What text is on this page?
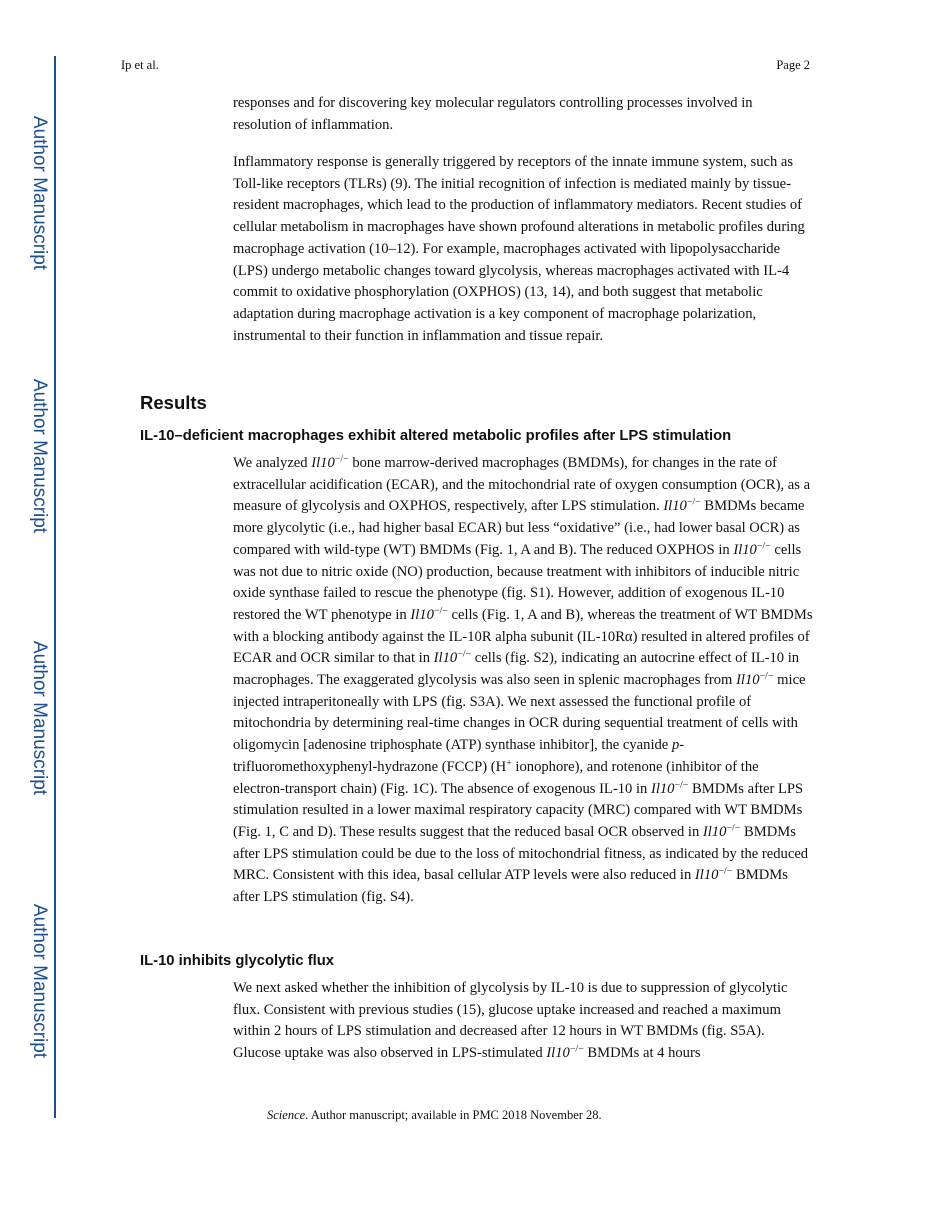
Author Manuscript
Author Manuscript
Author Manuscript
Author Manuscript
Ip et al.	Page 2

responses and for discovering key molecular regulators controlling processes involved in resolution of inflammation.

Inflammatory response is generally triggered by receptors of the innate immune system, such as Toll-like receptors (TLRs) (9). The initial recognition of infection is mediated mainly by tissue-resident macrophages, which lead to the production of inflammatory mediators. Recent studies of cellular metabolism in macrophages have shown profound alterations in metabolic profiles during macrophage activation (10–12). For example, macrophages activated with lipopolysaccharide (LPS) undergo metabolic changes toward glycolysis, whereas macrophages activated with IL-4 commit to oxidative phosphorylation (OXPHOS) (13, 14), and both suggest that metabolic adaptation during macrophage activation is a key component of macrophage polarization, instrumental to their function in inflammation and tissue repair.

Results
IL-10–deficient macrophages exhibit altered metabolic profiles after LPS stimulation

We analyzed Il10−/− bone marrow-derived macrophages (BMDMs), for changes in the rate of extracellular acidification (ECAR), and the mitochondrial rate of oxygen consumption (OCR), as a measure of glycolysis and OXPHOS, respectively, after LPS stimulation. Il10−/− BMDMs became more glycolytic (i.e., had higher basal ECAR) but less “oxidative” (i.e., had lower basal OCR) as compared with wild-type (WT) BMDMs (Fig. 1, A and B). The reduced OXPHOS in Il10−/− cells was not due to nitric oxide (NO) production, because treatment with inhibitors of inducible nitric oxide synthase failed to rescue the phenotype (fig. S1). However, addition of exogenous IL-10 restored the WT phenotype in Il10−/− cells (Fig. 1, A and B), whereas the treatment of WT BMDMs with a blocking antibody against the IL-10R alpha subunit (IL-10Rα) resulted in altered profiles of ECAR and OCR similar to that in Il10−/− cells (fig. S2), indicating an autocrine effect of IL-10 in macrophages. The exaggerated glycolysis was also seen in splenic macrophages from Il10−/− mice injected intraperitoneally with LPS (fig. S3A). We next assessed the functional profile of mitochondria by determining real-time changes in OCR during sequential treatment of cells with oligomycin [adenosine triphosphate (ATP) synthase inhibitor], the cyanide p-trifluoromethoxyphenyl-hydrazone (FCCP) (H+ ionophore), and rotenone (inhibitor of the electron-transport chain) (Fig. 1C). The absence of exogenous IL-10 in Il10−/− BMDMs after LPS stimulation resulted in a lower maximal respiratory capacity (MRC) compared with WT BMDMs (Fig. 1, C and D). These results suggest that the reduced basal OCR observed in Il10−/− BMDMs after LPS stimulation could be due to the loss of mitochondrial fitness, as indicated by the reduced MRC. Consistent with this idea, basal cellular ATP levels were also reduced in Il10−/− BMDMs after LPS stimulation (fig. S4).

IL-10 inhibits glycolytic flux

We next asked whether the inhibition of glycolysis by IL-10 is due to suppression of glycolytic flux. Consistent with previous studies (15), glucose uptake increased and reached a maximum within 2 hours of LPS stimulation and decreased after 12 hours in WT BMDMs (fig. S5A). Glucose uptake was also observed in LPS-stimulated Il10−/− BMDMs at 4 hours

Science. Author manuscript; available in PMC 2018 November 28.
